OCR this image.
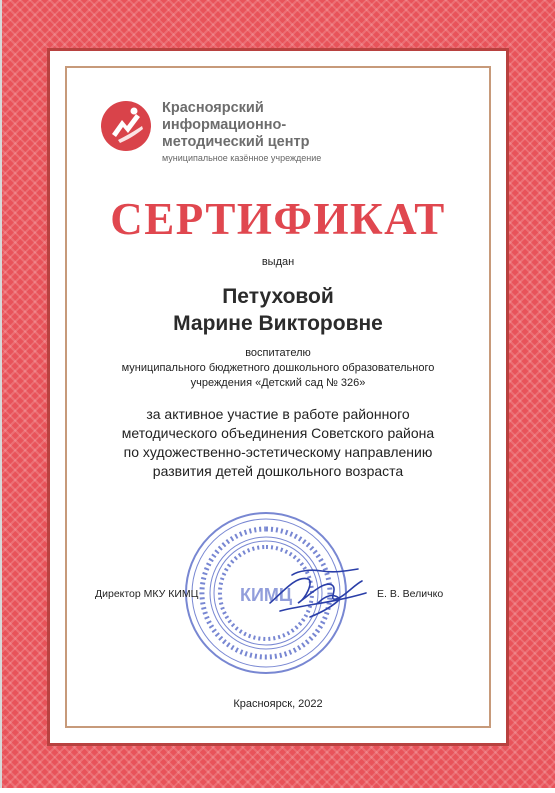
Красноярский
информационно-
методический центр
муниципальное казённое учреждение
СЕРТИФИКАТ
выдан
Петуховой
Марине Викторовне
воспитателю
муниципального бюджетного дошкольного образовательного
учреждения «Детский сад № 326»
за активное участие в работе районного
методического объединения Советского района
по художественно-эстетическому направлению
развития детей дошкольного возраста
КИМЦ
Директор МКУ КИМЦ	Е. В. Величко
Красноярск, 2022
